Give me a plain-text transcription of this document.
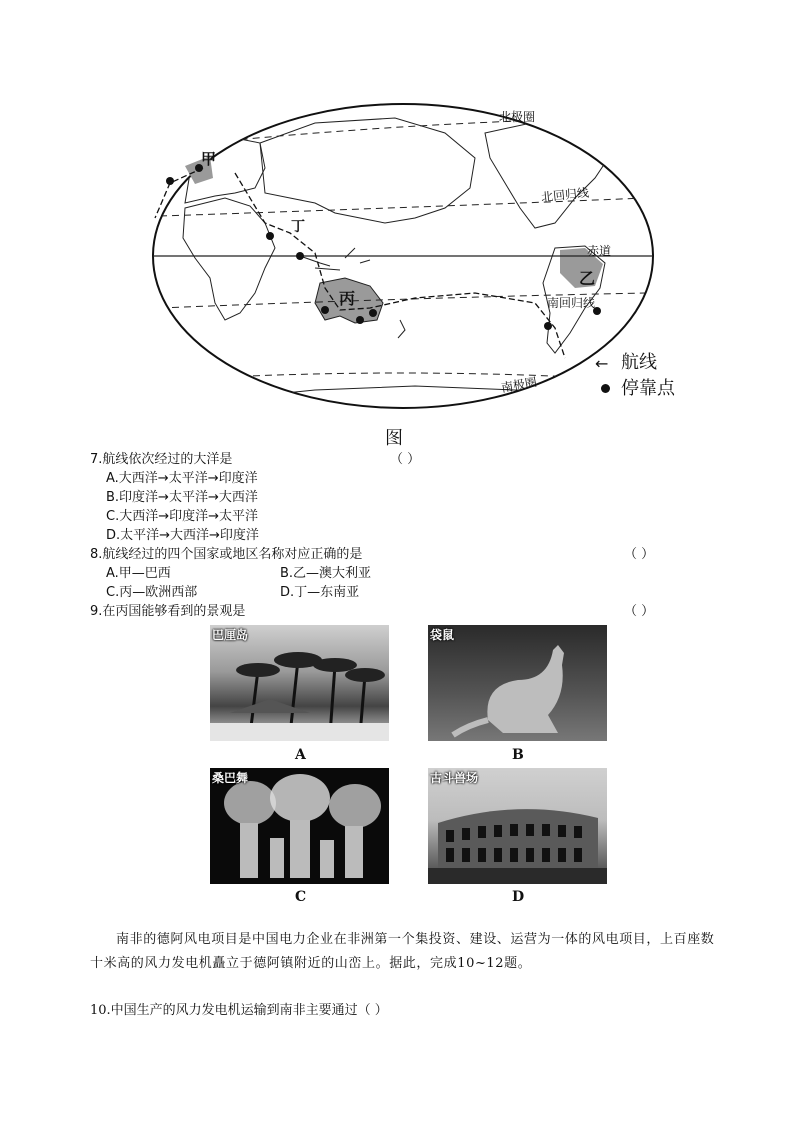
甲
丁
丙
乙
北回归线
赤道
南回归线
北极圈
南极圈
← 航线
停靠点
图
7.航线依次经过的大洋是	（ ）
A.大西洋→太平洋→印度洋
B.印度洋→太平洋→大西洋
C.大西洋→印度洋→太平洋
D.太平洋→大西洋→印度洋
8.航线经过的四个国家或地区名称对应正确的是	（ ）
A.甲—巴西	B.乙—澳大利亚
C.丙—欧洲西部	D.丁—东南亚
9.在丙国能够看到的景观是	（ ）
巴厘岛
A
袋鼠
B
桑巴舞
C
古斗兽场
D
南非的德阿风电项目是中国电力企业在非洲第一个集投资、建设、运营为一体的风电项目，上百座数十米高的风力发电机矗立于德阿镇附近的山峦上。据此，完成10~12题。
10.中国生产的风力发电机运输到南非主要通过（ ）
